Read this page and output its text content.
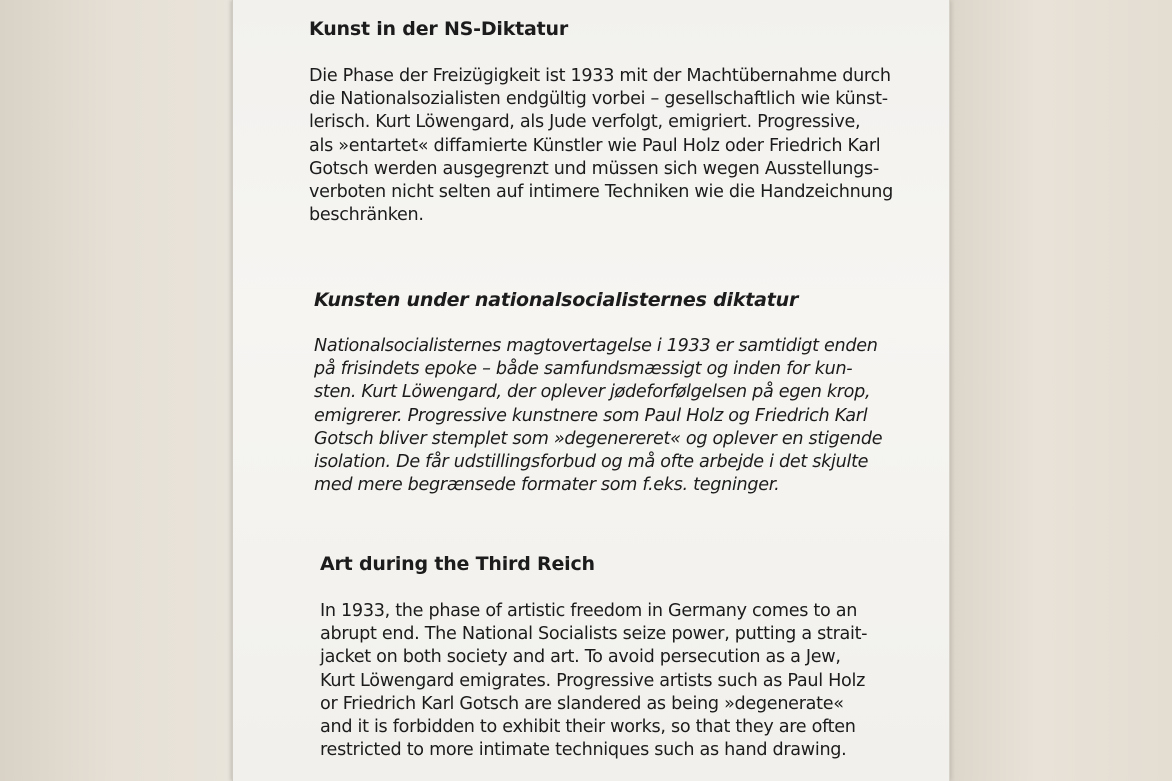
Kunst in der NS-Diktatur
Die Phase der Freizügigkeit ist 1933 mit der Machtübernahme durch
die Nationalsozialisten endgültig vorbei – gesellschaftlich wie künst-
lerisch. Kurt Löwengard, als Jude verfolgt, emigriert. Progressive,
als »entartet« diffamierte Künstler wie Paul Holz oder Friedrich Karl
Gotsch werden ausgegrenzt und müssen sich wegen Ausstellungs-
verboten nicht selten auf intimere Techniken wie die Handzeichnung
beschränken.
Kunsten under nationalsocialisternes diktatur
Nationalsocialisternes magtovertagelse i 1933 er samtidigt enden
på frisindets epoke – både samfundsmæssigt og inden for kun-
sten. Kurt Löwengard, der oplever jødeforfølgelsen på egen krop,
emigrerer. Progressive kunstnere som Paul Holz og Friedrich Karl
Gotsch bliver stemplet som »degenereret« og oplever en stigende
isolation. De får udstillingsforbud og må ofte arbejde i det skjulte
med mere begrænsede formater som f.eks. tegninger.
Art during the Third Reich
In 1933, the phase of artistic freedom in Germany comes to an
abrupt end. The National Socialists seize power, putting a strait-
jacket on both society and art. To avoid persecution as a Jew,
Kurt Löwengard emigrates. Progressive artists such as Paul Holz
or Friedrich Karl Gotsch are slandered as being »degenerate«
and it is forbidden to exhibit their works, so that they are often
restricted to more intimate techniques such as hand drawing.
